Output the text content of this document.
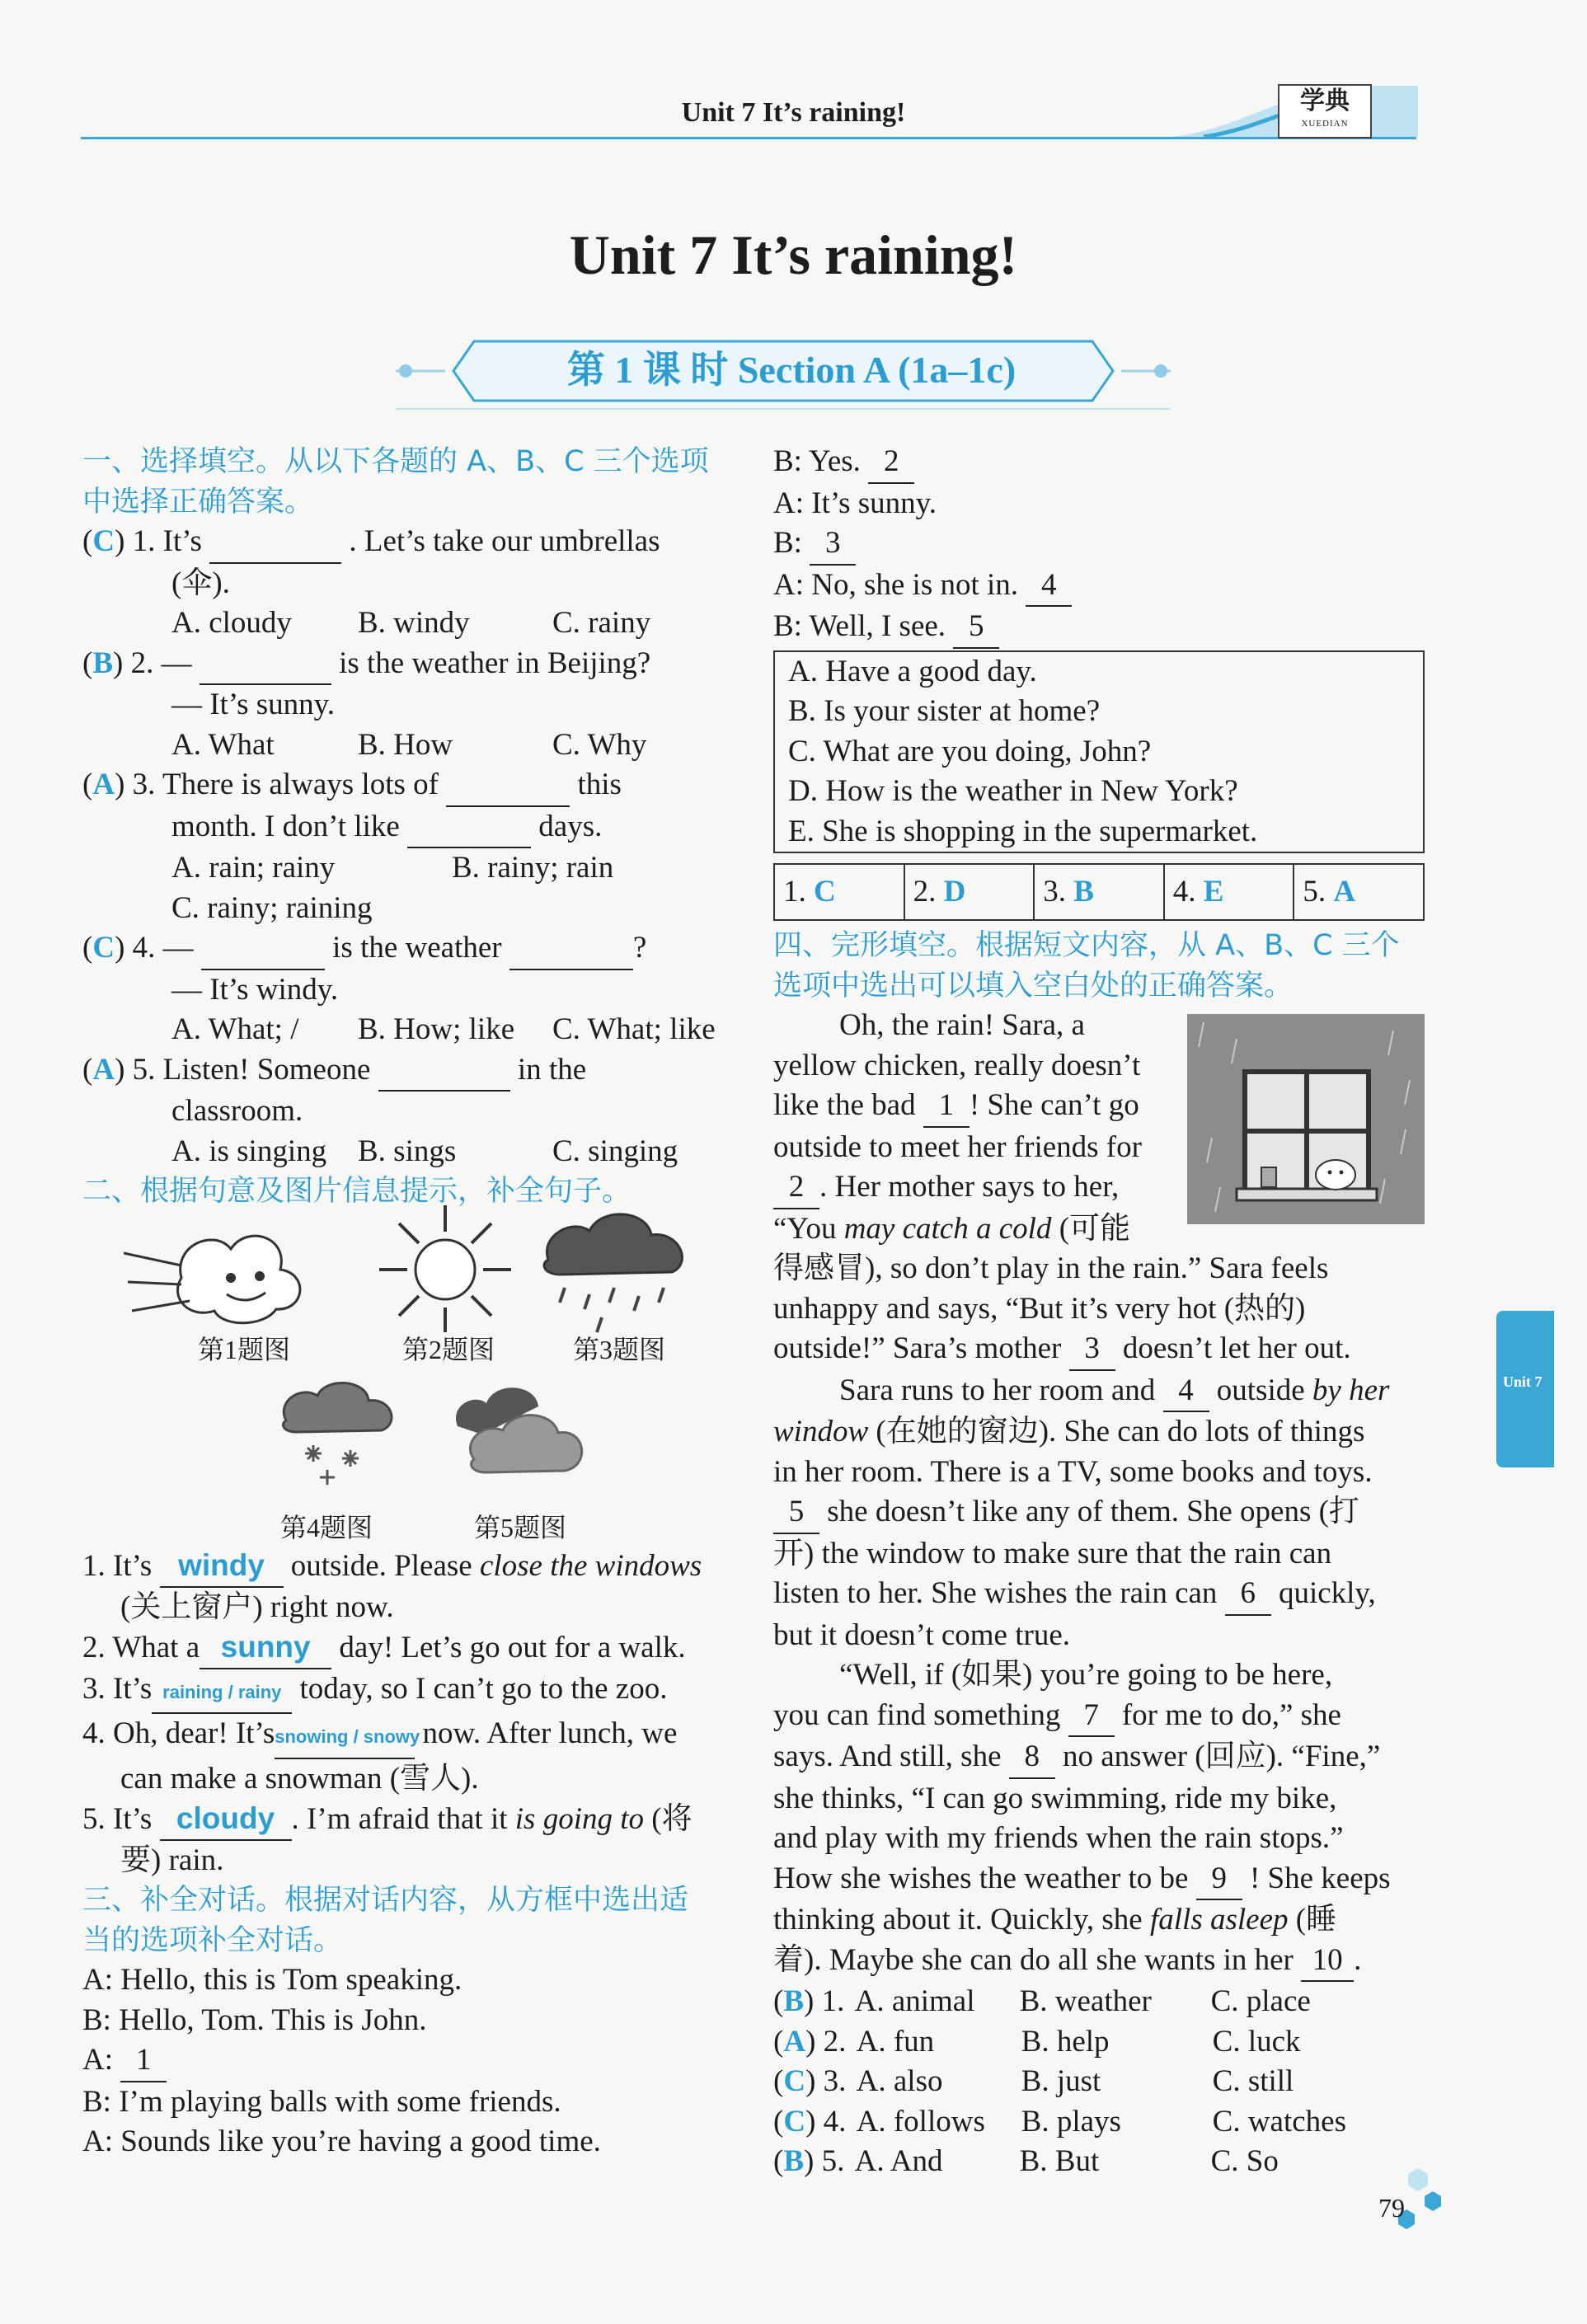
Unit 7 It’s raining!	学典
XUEDIAN
Unit 7 It’s raining!
第 1 课 时 Section A (1a–1c)
一、选择填空。从以下各题的 A、B、C 三个选项
中选择正确答案。
(C) 1. It’s	. Let’s take our umbrellas
(伞).
A. cloudy B. windy	C. rainy
(B) 2. —	is the weather in Beijing?
— It’s sunny.
A. What	B. How	C. Why
(A) 3. There is always lots of	this
month. I don’t like	days.
A. rain; rainy	B. rainy; rain
C. rainy; raining
(C) 4. —	is the weather	?
— It’s windy.
A. What; / B. How; like C. What; like
(A) 5. Listen! Someone	in the
classroom.
A. is singing B. sings	C. singing
二、根据句意及图片信息提示，补全句子。
第1题图	第2题图	第3题图
第4题图	第5题图
1. It’s windy outside. Please close the windows
(关上窗户) right now.
2. What a sunny day! Let’s go out for a walk.
3. It’s raining / rainy today, so I can’t go to the zoo.
4. Oh, dear! It’ssnowing / snowy now. After lunch, we
can make a snowman (雪人).
5. It’s cloudy . I’m afraid that it is going to (将
要) rain.
三、补全对话。根据对话内容，从方框中选出适
当的选项补全对话。
A: Hello, this is Tom speaking.
B: Hello, Tom. This is John.
A: 1
B: I’m playing balls with some friends.
A: Sounds like you’re having a good time.
B: Yes. 2
A: It’s sunny.
B: 3
A: No, she is not in. 4
B: Well, I see. 5
A. Have a good day.
B. Is your sister at home?
C. What are you doing, John?
D. How is the weather in New York?
E. She is shopping in the supermarket.
1. C	2. D	3. B	4. E	5. A
四、完形填空。根据短文内容，从 A、B、C 三个
选项中选出可以填入空白处的正确答案。
Oh, the rain! Sara, a
yellow chicken, really doesn’t
like the bad 1 ! She can’t go
outside to meet her friends for
2 . Her mother says to her,
“You may catch a cold (可能
得感冒), so don’t play in the rain.” Sara feels
unhappy and says, “But it’s very hot (热的)
outside!” Sara’s mother 3 doesn’t let her out.
Sara runs to her room and 4 outside by her
window (在她的窗边). She can do lots of things
in her room. There is a TV, some books and toys.
5 she doesn’t like any of them. She opens (打
开) the window to make sure that the rain can
listen to her. She wishes the rain can 6 quickly,
but it doesn’t come true.
“Well, if (如果) you’re going to be here,
you can find something 7 for me to do,” she
says. And still, she 8 no answer (回应). “Fine,”
she thinks, “I can go swimming, ride my bike,
and play with my friends when the rain stops.”
How she wishes the weather to be 9 ! She keeps
thinking about it. Quickly, she falls asleep (睡
着). Maybe she can do all she wants in her 10 .
(B) 1. A. animal B. weather C. place
(A) 2. A. fun	B. help	C. luck
(C) 3. A. also	B. just	C. still
(C) 4. A. follows B. plays	C. watches
(B) 5. A. And	B. But	C. So
Unit 7
79
